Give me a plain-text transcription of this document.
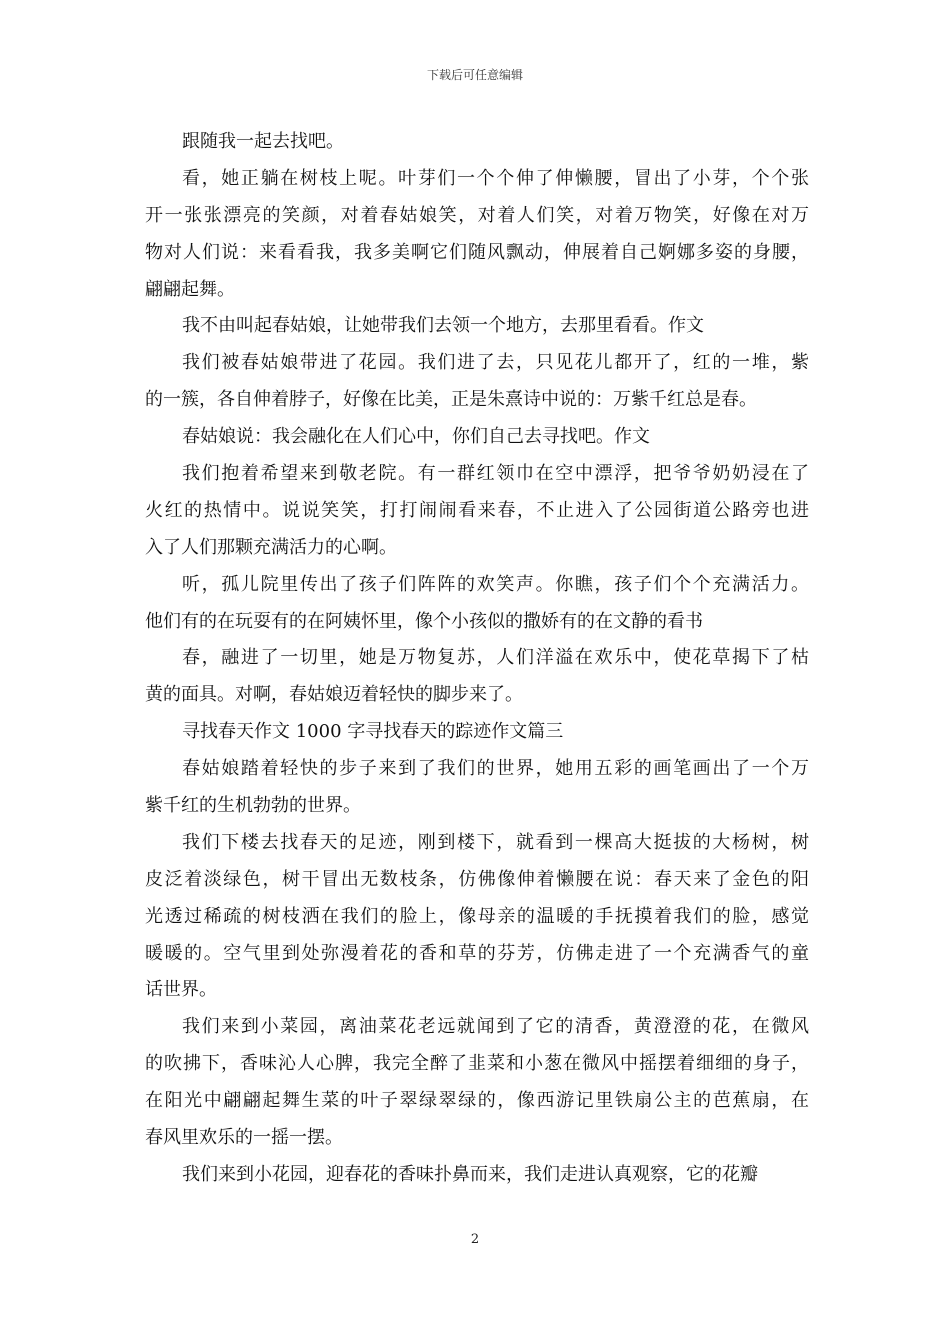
下载后可任意编辑
跟随我一起去找吧。
看，她正躺在树枝上呢。叶芽们一个个伸了伸懒腰，冒出了小芽，个个张
开一张张漂亮的笑颜，对着春姑娘笑，对着人们笑，对着万物笑，好像在对万
物对人们说：来看看我，我多美啊它们随风飘动，伸展着自己婀娜多姿的身腰，
翩翩起舞。
我不由叫起春姑娘，让她带我们去领一个地方，去那里看看。作文
我们被春姑娘带进了花园。我们进了去，只见花儿都开了，红的一堆，紫
的一簇，各自伸着脖子，好像在比美，正是朱熹诗中说的：万紫千红总是春。
春姑娘说：我会融化在人们心中，你们自己去寻找吧。作文
我们抱着希望来到敬老院。有一群红领巾在空中漂浮，把爷爷奶奶浸在了
火红的热情中。说说笑笑，打打闹闹看来春，不止进入了公园街道公路旁也进
入了人们那颗充满活力的心啊。
听，孤儿院里传出了孩子们阵阵的欢笑声。你瞧，孩子们个个充满活力。
他们有的在玩耍有的在阿姨怀里，像个小孩似的撒娇有的在文静的看书
春，融进了一切里，她是万物复苏，人们洋溢在欢乐中，使花草揭下了枯
黄的面具。对啊，春姑娘迈着轻快的脚步来了。
寻找春天作文 1000 字寻找春天的踪迹作文篇三
春姑娘踏着轻快的步子来到了我们的世界，她用五彩的画笔画出了一个万
紫千红的生机勃勃的世界。
我们下楼去找春天的足迹，刚到楼下，就看到一棵高大挺拔的大杨树，树
皮泛着淡绿色，树干冒出无数枝条，仿佛像伸着懒腰在说：春天来了金色的阳
光透过稀疏的树枝洒在我们的脸上，像母亲的温暖的手抚摸着我们的脸，感觉
暖暖的。空气里到处弥漫着花的香和草的芬芳，仿佛走进了一个充满香气的童
话世界。
我们来到小菜园，离油菜花老远就闻到了它的清香，黄澄澄的花，在微风
的吹拂下，香味沁人心脾，我完全醉了韭菜和小葱在微风中摇摆着细细的身子，
在阳光中翩翩起舞生菜的叶子翠绿翠绿的，像西游记里铁扇公主的芭蕉扇，在
春风里欢乐的一摇一摆。
我们来到小花园，迎春花的香味扑鼻而来，我们走进认真观察，它的花瓣
2
